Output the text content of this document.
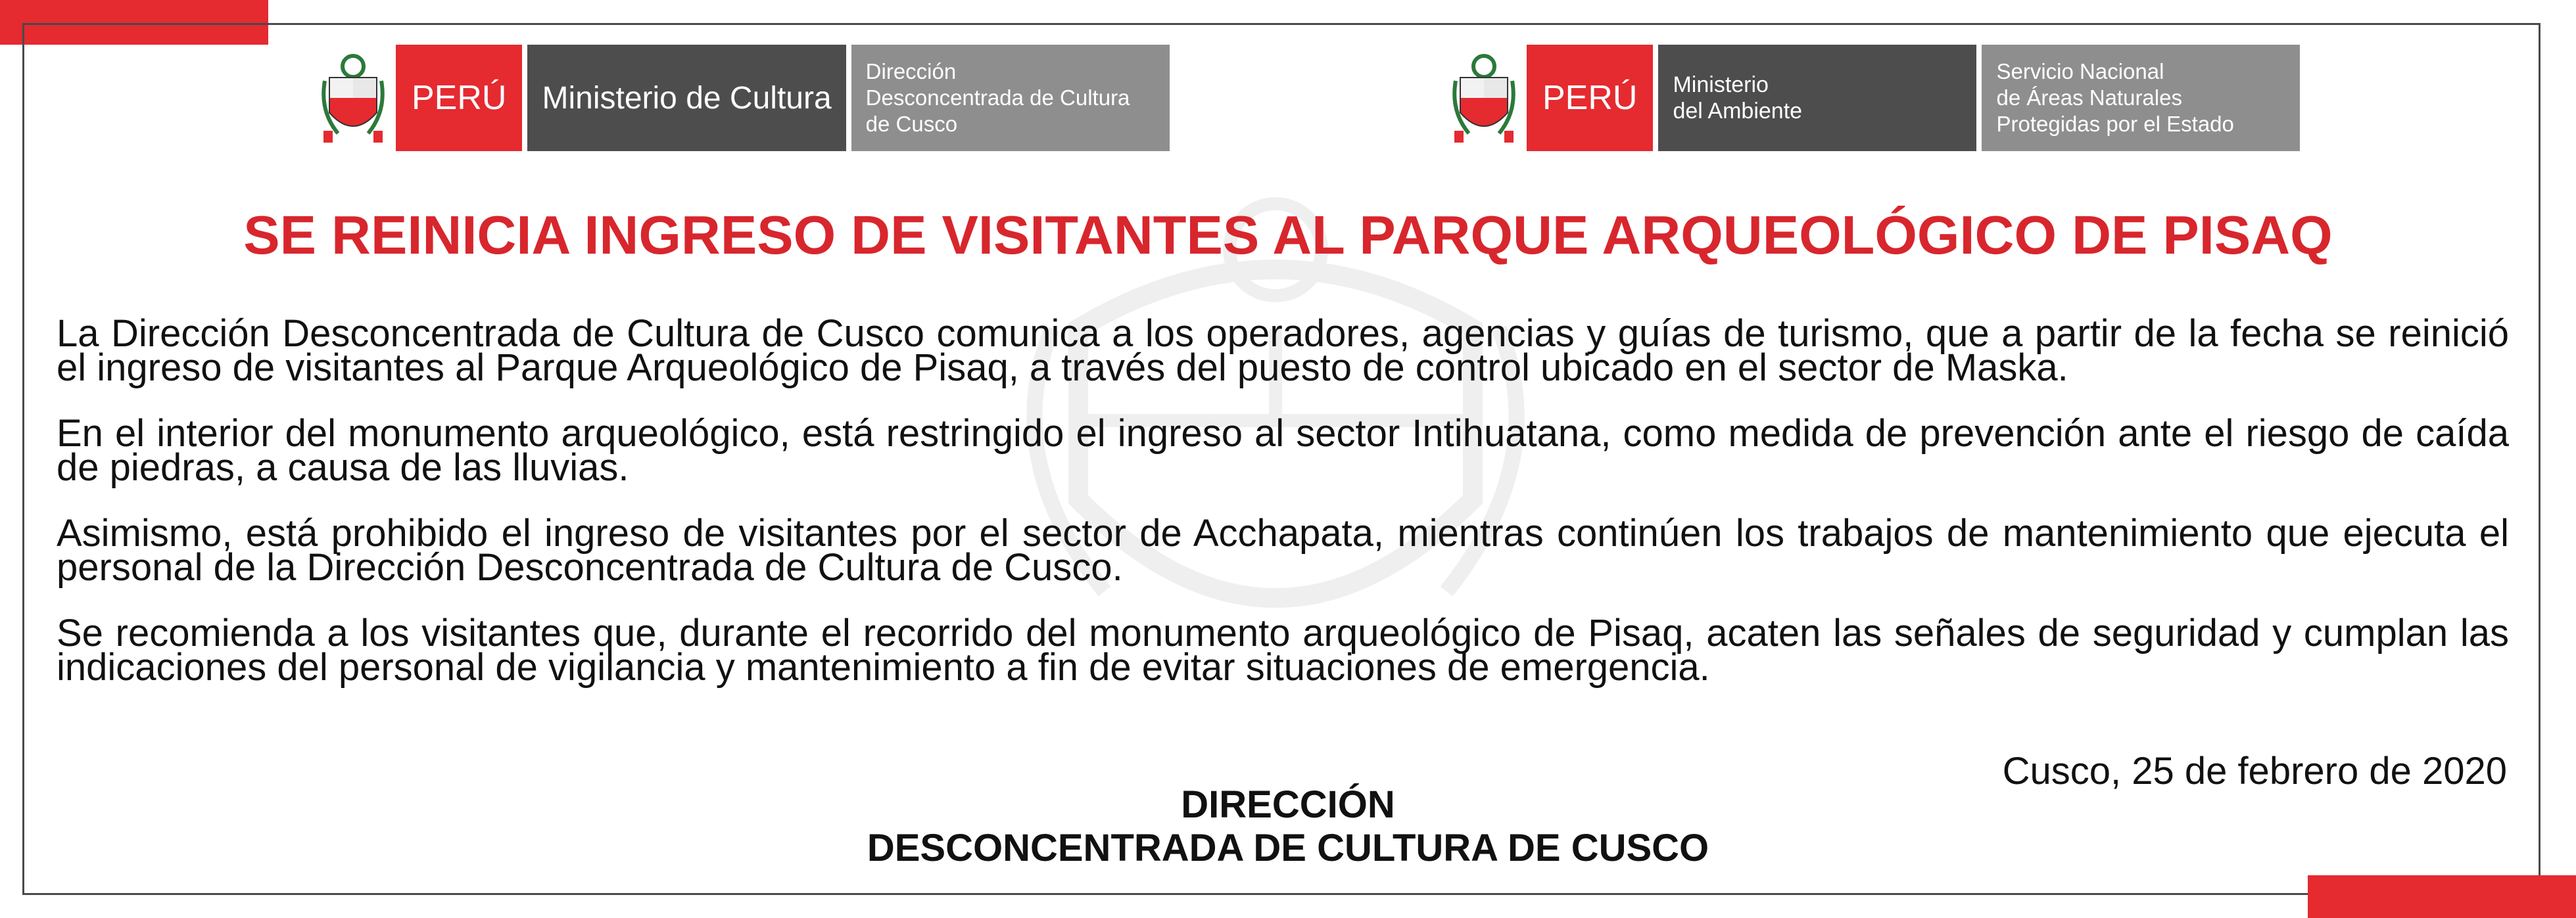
PERÚ	Ministerio de Cultura
Dirección
Desconcentrada de Cultura
de Cusco
PERÚ	Ministerio
del Ambiente
Servicio Nacional
de Áreas Naturales
Protegidas por el Estado
SE REINICIA INGRESO DE VISITANTES AL PARQUE ARQUEOLÓGICO DE PISAQ

La Dirección Desconcentrada de Cultura de Cusco comunica a los operadores, agencias y guías de turismo, que a partir de la fecha se reinició el ingreso de visitantes al Parque Arqueológico de Pisaq, a través del puesto de control ubicado en el sector de Maska.

En el interior del monumento arqueológico, está restringido el ingreso al sector Intihuatana, como medida de prevención ante el riesgo de caída de piedras, a causa de las lluvias.

Asimismo, está prohibido el ingreso de visitantes por el sector de Acchapata, mientras continúen los trabajos de mantenimiento que ejecuta el personal de la Dirección Desconcentrada de Cultura de Cusco.

Se recomienda a los visitantes que, durante el recorrido del monumento arqueológico de Pisaq, acaten las señales de seguridad y cumplan las indicaciones del personal de vigilancia y mantenimiento a fin de evitar situaciones de emergencia.

Cusco, 25 de febrero de 2020
DIRECCIÓN
DESCONCENTRADA DE CULTURA DE CUSCO
